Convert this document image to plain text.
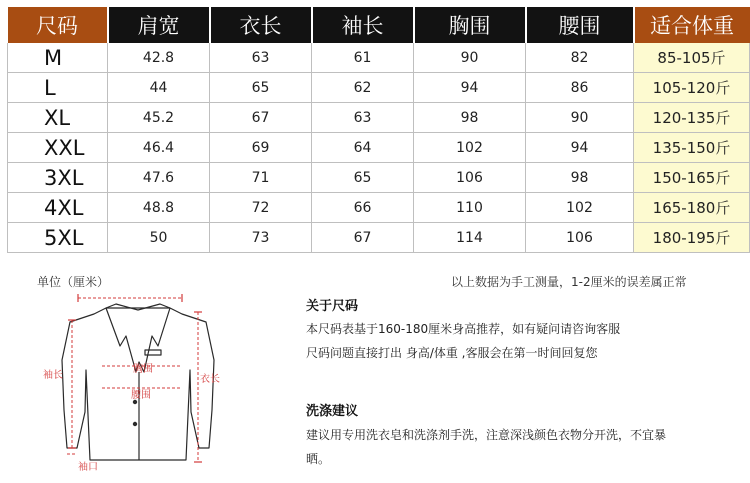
尺码	肩宽	衣长	袖长	胸围	腰围	适合体重
M	42.8	63	61	90	82	85-105斤
L	44	65	62	94	86	105-120斤
XL	45.2	67	63	98	90	120-135斤
XXL	46.4	69	64	102	94	135-150斤
3XL	47.6	71	65	106	98	150-165斤
4XL	48.8	72	66	110	102	165-180斤
5XL	50	73	67	114	106	180-195斤
单位（厘米）	以上数据为手工测量，1-2厘米的误差属正常
袖长
胸围
腰围
衣长
袖口
关于尺码
本尺码表基于160-180厘米身高推荐，如有疑问请咨询客服
尺码问题直接打出 身高/体重 ,客服会在第一时间回复您
洗涤建议
建议用专用洗衣皂和洗涤剂手洗，注意深浅颜色衣物分开洗，不宜暴
晒。
